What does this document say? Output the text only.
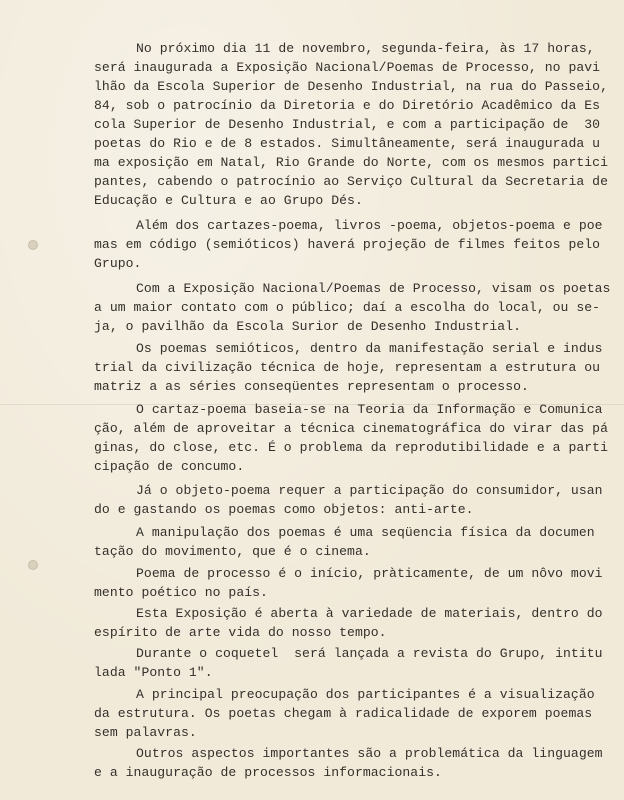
No próximo dia 11 de novembro, segunda-feira, às 17 horas,
será inaugurada a Exposição Nacional/Poemas de Processo, no pavi
lhão da Escola Superior de Desenho Industrial, na rua do Passeio,
84, sob o patrocínio da Diretoria e do Diretório Acadêmico da Es
cola Superior de Desenho Industrial, e com a participação de  30
poetas do Rio e de 8 estados. Simultâneamente, será inaugurada u
ma exposição em Natal, Rio Grande do Norte, com os mesmos partici
pantes, cabendo o patrocínio ao Serviço Cultural da Secretaria de
Educação e Cultura e ao Grupo Dés.
Além dos cartazes-poema, livros -poema, objetos-poema e poe
mas em código (semióticos) haverá projeção de filmes feitos pelo
Grupo.
Com a Exposição Nacional/Poemas de Processo, visam os poetas
a um maior contato com o público; daí a escolha do local, ou se-
ja, o pavilhão da Escola Surior de Desenho Industrial.
Os poemas semióticos, dentro da manifestação serial e indus
trial da civilização técnica de hoje, representam a estrutura ou
matriz a as séries conseqüentes representam o processo.
O cartaz-poema baseia-se na Teoria da Informação e Comunica
ção, além de aproveitar a técnica cinematográfica do virar das pá
ginas, do close, etc. É o problema da reprodutibilidade e a parti
cipação de concumo.
Já o objeto-poema requer a participação do consumidor, usan
do e gastando os poemas como objetos: anti-arte.
A manipulação dos poemas é uma seqüencia física da documen
tação do movimento, que é o cinema.
Poema de processo é o início, pràticamente, de um nôvo movi
mento poético no país.
Esta Exposição é aberta à variedade de materiais, dentro do
espírito de arte vida do nosso tempo.
Durante o coquetel  será lançada a revista do Grupo, intitu
lada "Ponto 1".
A principal preocupação dos participantes é a visualização
da estrutura. Os poetas chegam à radicalidade de exporem poemas
sem palavras.
Outros aspectos importantes são a problemática da linguagem
e a inauguração de processos informacionais.
